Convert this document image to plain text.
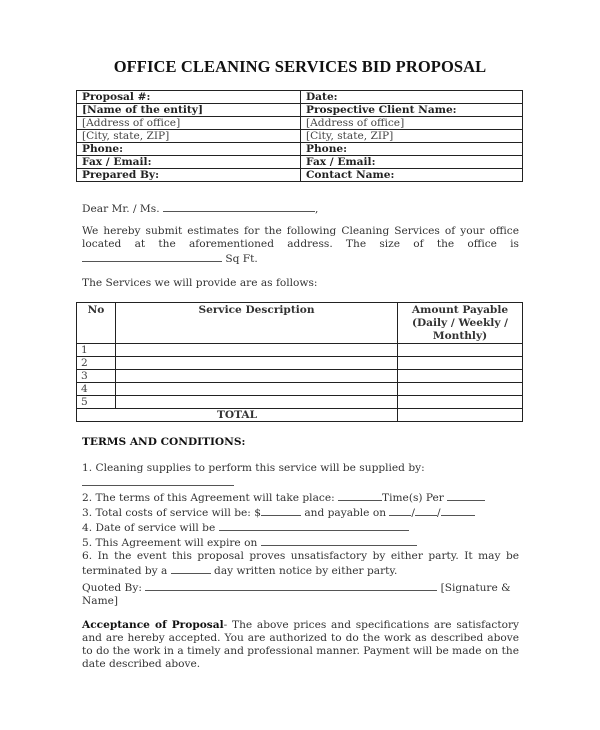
OFFICE CLEANING SERVICES BID PROPOSAL
Proposal #:	Date:
[Name of the entity]	Prospective Client Name:
[Address of office]	[Address of office]
[City, state, ZIP]	[City, state, ZIP]
Phone:	Phone:
Fax / Email:	Fax / Email:
Prepared By:	Contact Name:
Dear Mr. / Ms.	,
We hereby submit estimates for the following Cleaning Services of your office located at the aforementioned address. The size of the office is  Sq Ft.
The Services we will provide are as follows:
No	Service Description	Amount Payable (Daily / Weekly / Monthly)
1		
2		
3		
4		
5		
TOTAL		
TERMS AND CONDITIONS:
1. Cleaning supplies to perform this service will be supplied by:
2. The terms of this Agreement will take place:	Time(s) Per
3. Total costs of service will be: $	and payable on / /
4. Date of service will be
5. This Agreement will expire on
6. In the event this proposal proves unsatisfactory by either party. It may be terminated by a	day written notice by either party.
Quoted By:	[Signature & Name]
Acceptance of Proposal- The above prices and specifications are satisfactory and are hereby accepted. You are authorized to do the work as described above to do the work in a timely and professional manner. Payment will be made on the date described above.
